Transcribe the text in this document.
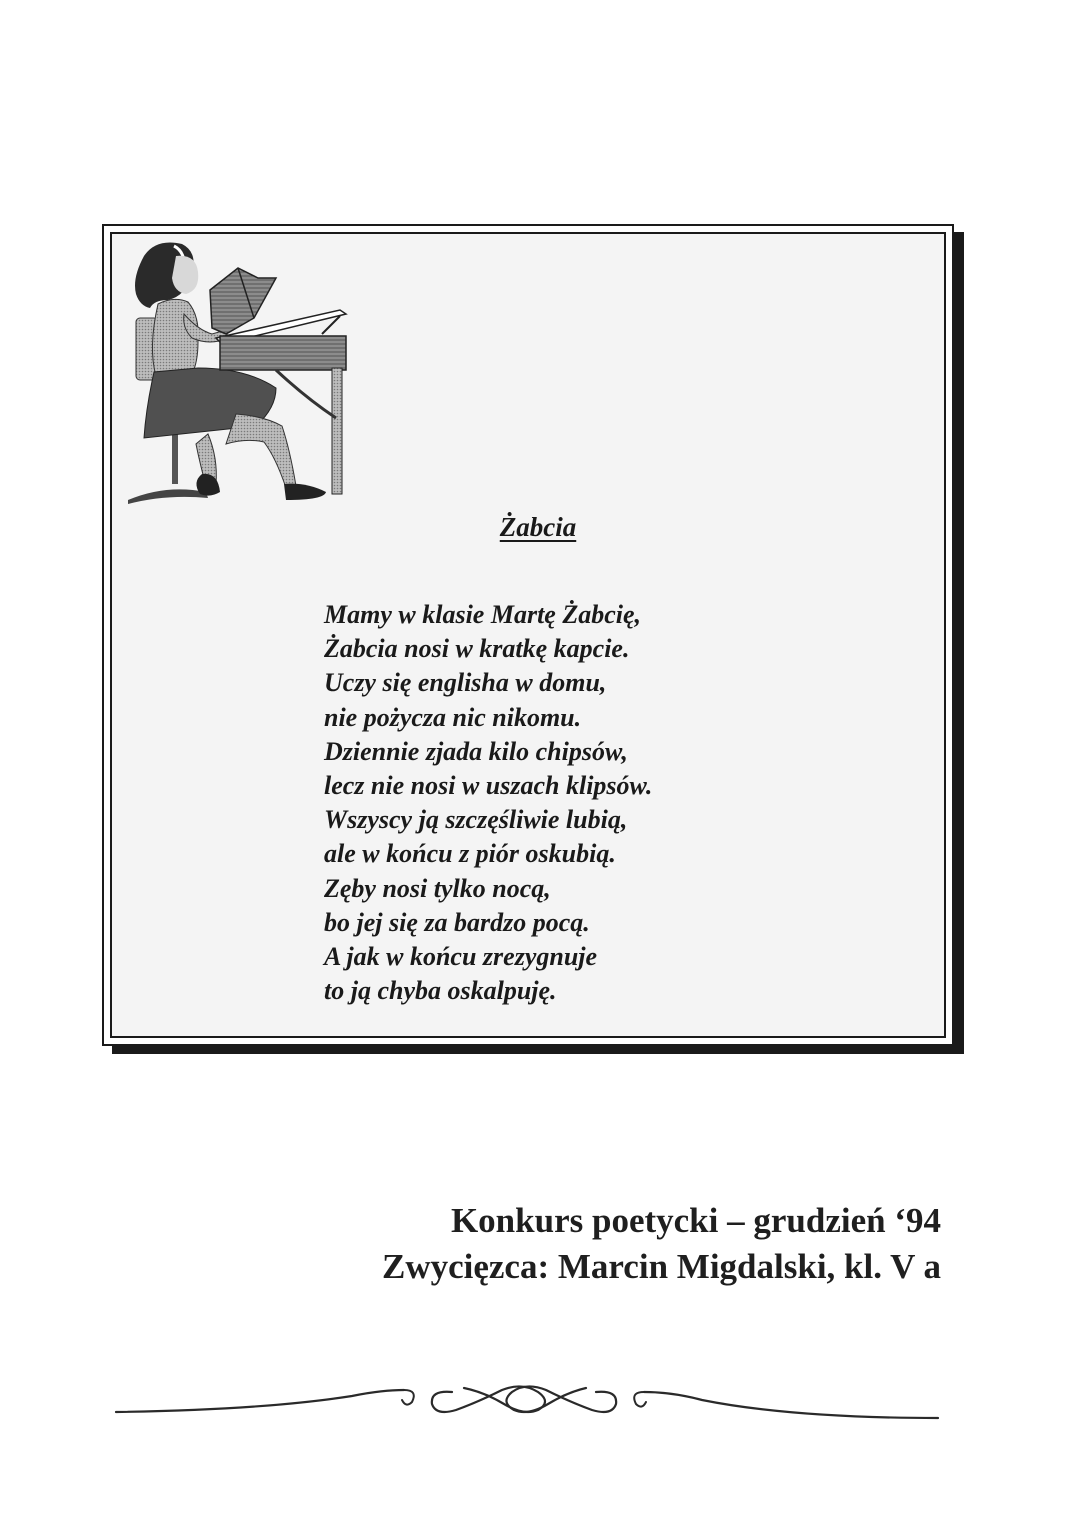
Żabcia
Mamy w klasie Martę Żabcię,
Żabcia nosi w kratkę kapcie.
Uczy się englisha w domu,
nie pożycza nic nikomu.
Dziennie zjada kilo chipsów,
lecz nie nosi w uszach klipsów.
Wszyscy ją szczęśliwie lubią,
ale w końcu z piór oskubią.
Zęby nosi tylko nocą,
bo jej się za bardzo pocą.
A jak w końcu zrezygnuje
to ją chyba oskalpuję.
Konkurs poetycki – grudzień ‘94
Zwycięzca: Marcin Migdalski, kl. V a
